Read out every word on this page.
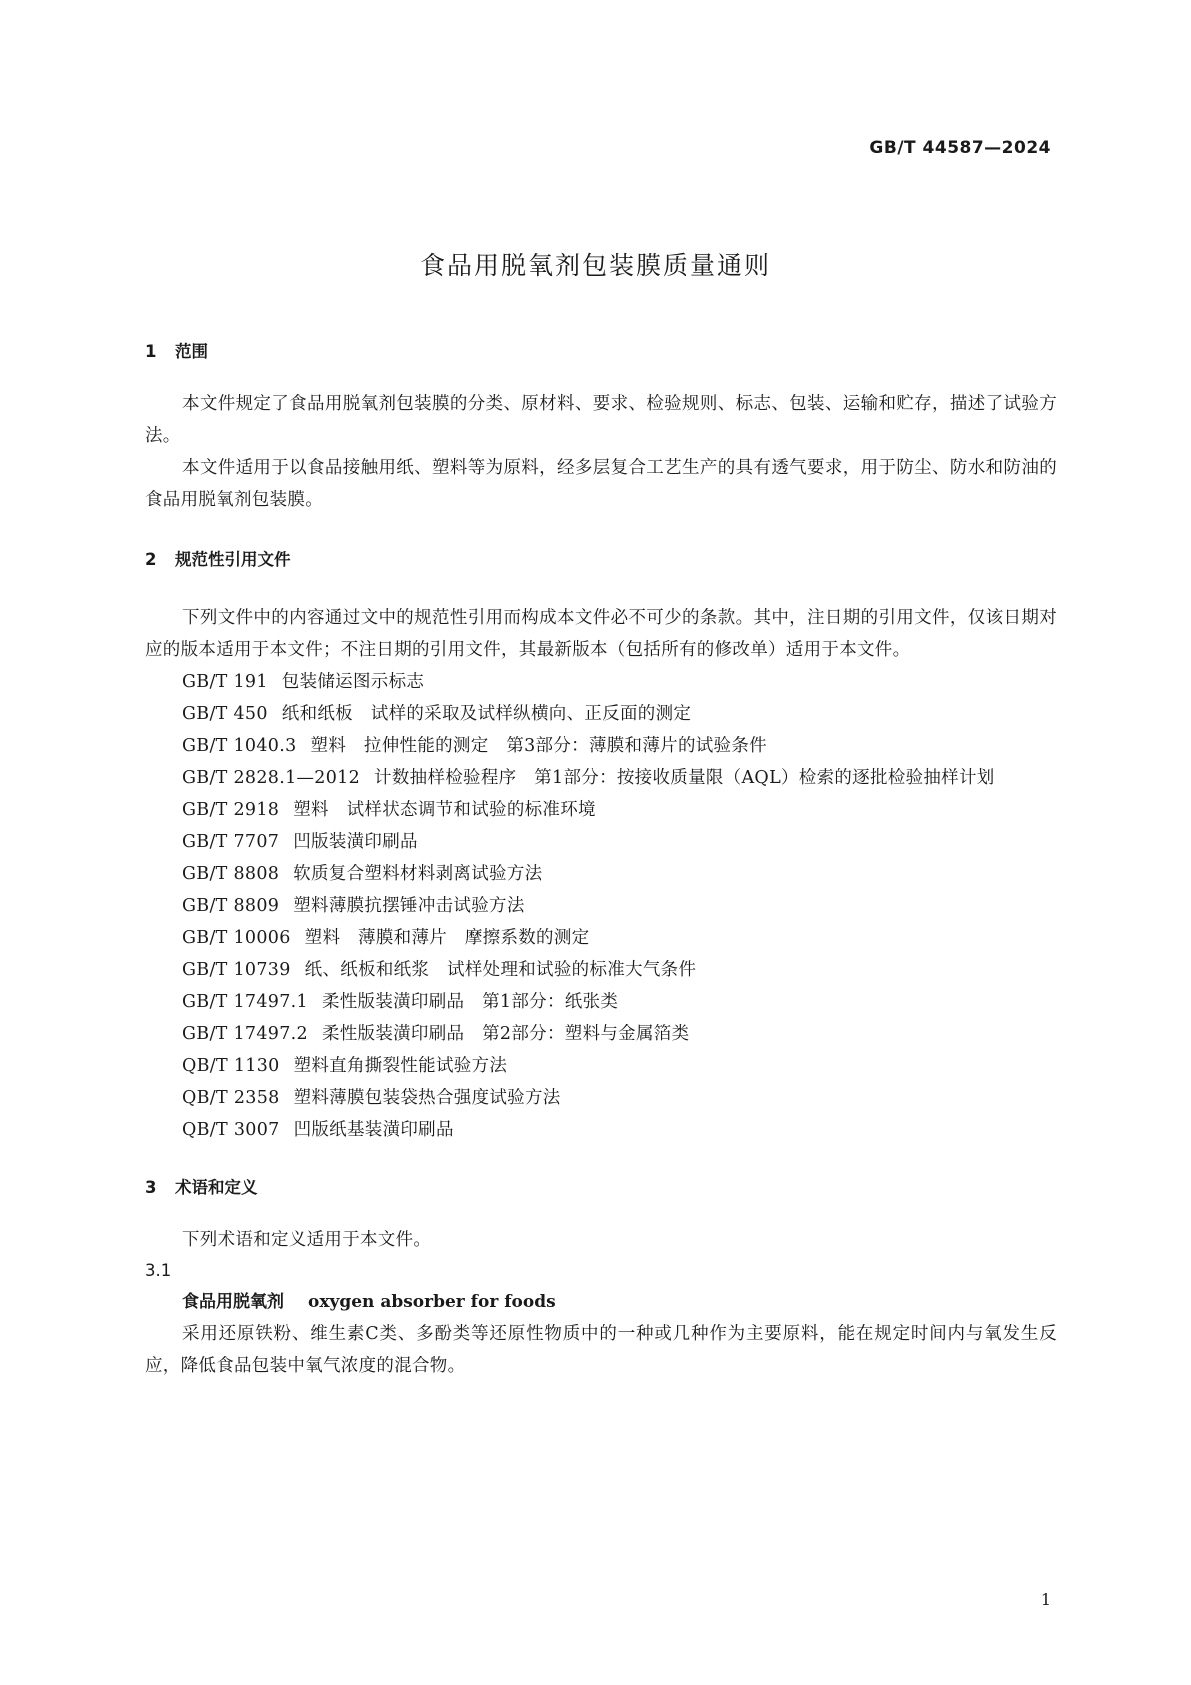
GB/T 44587—2024
食品用脱氧剂包装膜质量通则
1 范围

本文件规定了食品用脱氧剂包装膜的分类、原材料、要求、检验规则、标志、包装、运输和贮存，描述了试验方法。

本文件适用于以食品接触用纸、塑料等为原料，经多层复合工艺生产的具有透气要求，用于防尘、防水和防油的食品用脱氧剂包装膜。

2 规范性引用文件

下列文件中的内容通过文中的规范性引用而构成本文件必不可少的条款。其中，注日期的引用文件，仅该日期对应的版本适用于本文件；不注日期的引用文件，其最新版本（包括所有的修改单）适用于本文件。

GB/T 191 包装储运图示标志
GB/T 450 纸和纸板　试样的采取及试样纵横向、正反面的测定
GB/T 1040.3 塑料　拉伸性能的测定　第3部分：薄膜和薄片的试验条件
GB/T 2828.1—2012 计数抽样检验程序　第1部分：按接收质量限（AQL）检索的逐批检验抽样计划
GB/T 2918 塑料　试样状态调节和试验的标准环境
GB/T 7707 凹版装潢印刷品
GB/T 8808 软质复合塑料材料剥离试验方法
GB/T 8809 塑料薄膜抗摆锤冲击试验方法
GB/T 10006 塑料　薄膜和薄片　摩擦系数的测定
GB/T 10739 纸、纸板和纸浆　试样处理和试验的标准大气条件
GB/T 17497.1 柔性版装潢印刷品　第1部分：纸张类
GB/T 17497.2 柔性版装潢印刷品　第2部分：塑料与金属箔类
QB/T 1130 塑料直角撕裂性能试验方法
QB/T 2358 塑料薄膜包装袋热合强度试验方法
QB/T 3007 凹版纸基装潢印刷品
3 术语和定义

下列术语和定义适用于本文件。

3.1
食品用脱氧剂 oxygen absorber for foods

采用还原铁粉、维生素C类、多酚类等还原性物质中的一种或几种作为主要原料，能在规定时间内与氧发生反应，降低食品包装中氧气浓度的混合物。

1
